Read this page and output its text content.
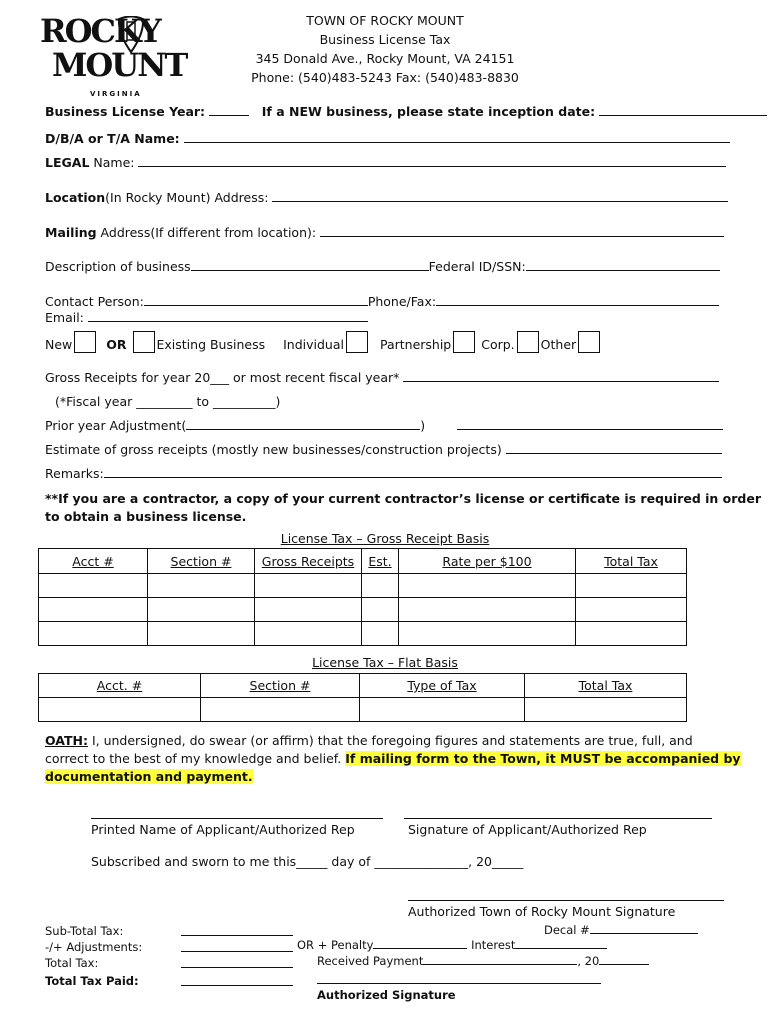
ROCKY
MOUNT
VIRGINIA
TOWN OF ROCKY MOUNT
Business License Tax
345 Donald Ave., Rocky Mount, VA 24151
Phone: (540)483-5243 Fax: (540)483-8830
Business License Year:	If a NEW business, please state inception date:
D/B/A or T/A Name:
LEGAL Name:
Location(In Rocky Mount) Address:
Mailing Address(If different from location):
Description of business	Federal ID/SSN:
Contact Person:	Phone/Fax:
Email:
New	OR Existing Business Individual	Partnership Corp. Other
Gross Receipts for year 20___ or most recent fiscal year*
(*Fiscal year _________ to __________)
Prior year Adjustment(	)
Estimate of gross receipts (mostly new businesses/construction projects)
Remarks:
**If you are a contractor, a copy of your current contractor’s license or certificate is required in order
to obtain a business license.
License Tax – Gross Receipt Basis
Acct #	Section #	Gross Receipts	Est.	Rate per $100	Total Tax

License Tax – Flat Basis
Acct. #	Section #	Type of Tax	Total Tax

OATH: I, undersigned, do swear (or affirm) that the foregoing figures and statements are true, full, and
correct to the best of my knowledge and belief. If mailing form to the Town, it MUST be accompanied by
documentation and payment.
Printed Name of Applicant/Authorized Rep	Signature of Applicant/Authorized Rep
Subscribed and sworn to me this_____ day of _______________, 20_____
Authorized Town of Rocky Mount Signature
Sub-Total Tax:
-/+ Adjustments:
Total Tax:
Total Tax Paid:
Decal #
OR + Penalty	Interest
Received Payment	, 20
Authorized Signature
